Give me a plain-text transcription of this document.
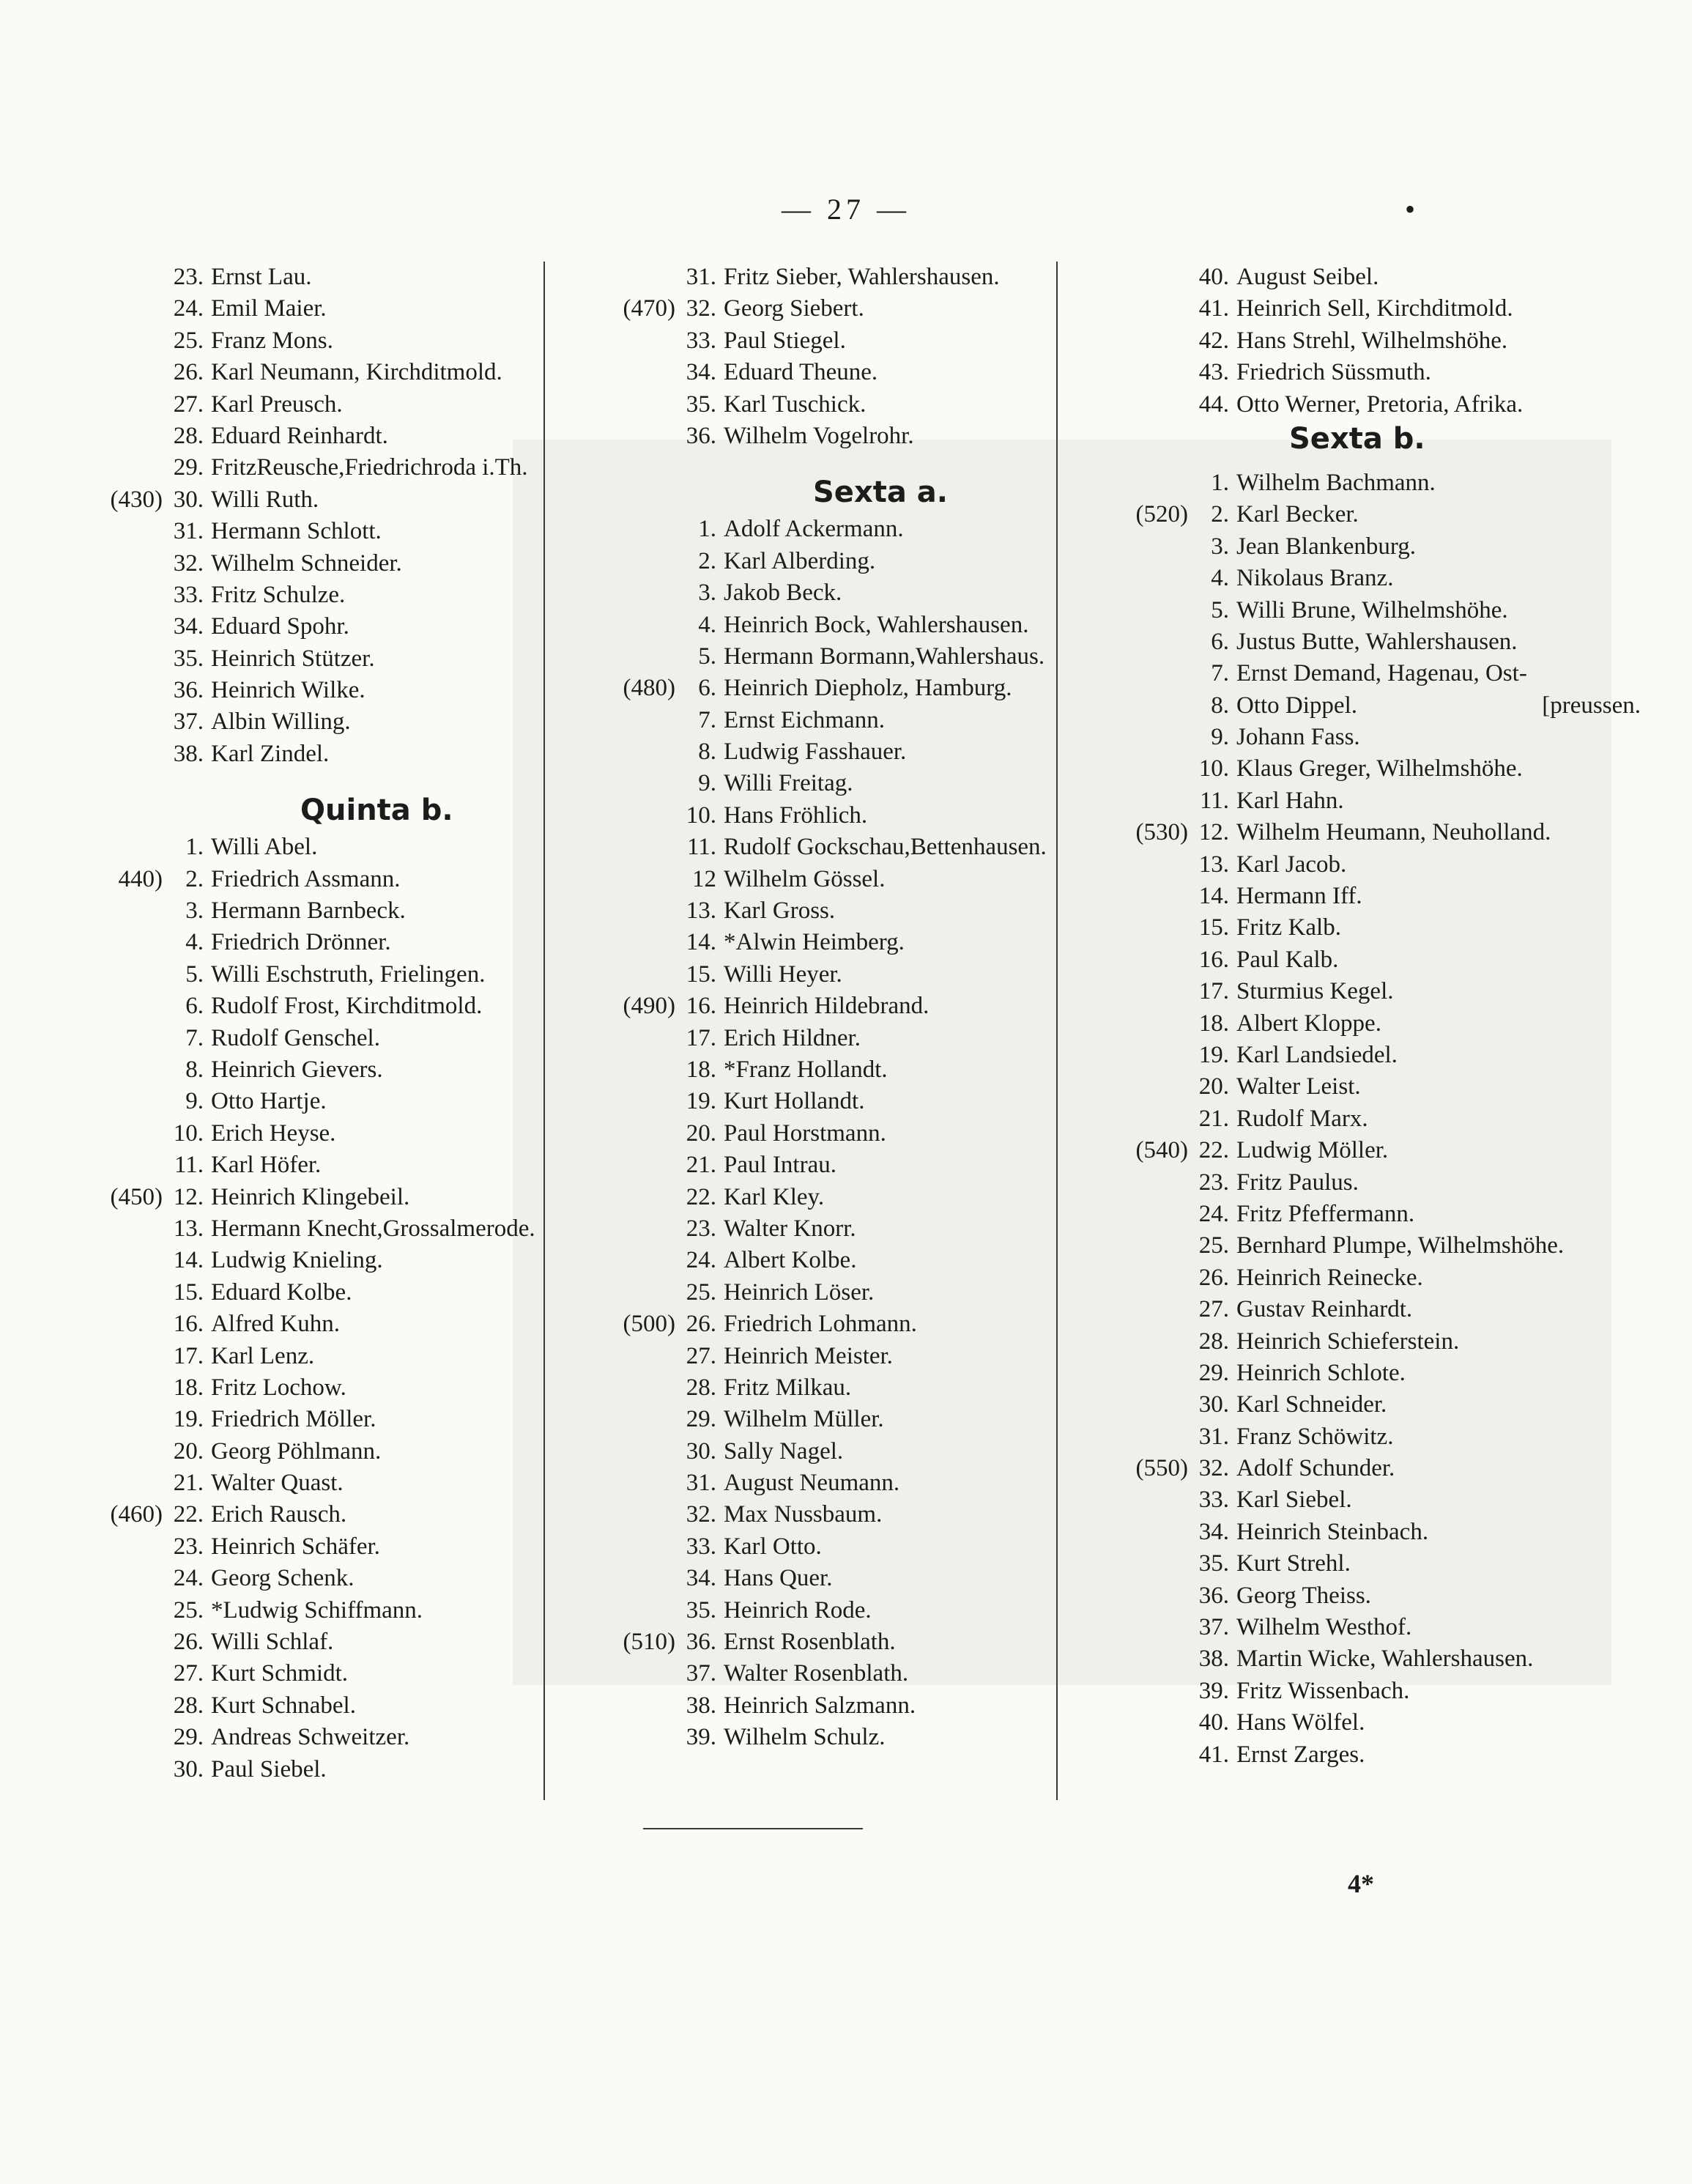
— 27 —	•
23. Ernst Lau.
24. Emil Maier.
25. Franz Mons.
26. Karl Neumann, Kirchditmold.
27. Karl Preusch.
28. Eduard Reinhardt.
29. FritzReusche,Friedrichroda i.Th.
(430) 30. Willi Ruth.
31. Hermann Schlott.
32. Wilhelm Schneider.
33. Fritz Schulze.
34. Eduard Spohr.
35. Heinrich Stützer.
36. Heinrich Wilke.
37. Albin Willing.
38. Karl Zindel.
Quinta b.
1. Willi Abel.
440) 2. Friedrich Assmann.
3. Hermann Barnbeck.
4. Friedrich Drönner.
5. Willi Eschstruth, Frielingen.
6. Rudolf Frost, Kirchditmold.
7. Rudolf Genschel.
8. Heinrich Gievers.
9. Otto Hartje.
10. Erich Heyse.
11. Karl Höfer.
(450) 12. Heinrich Klingebeil.
13. Hermann Knecht,Grossalmerode.
14. Ludwig Knieling.
15. Eduard Kolbe.
16. Alfred Kuhn.
17. Karl Lenz.
18. Fritz Lochow.
19. Friedrich Möller.
20. Georg Pöhlmann.
21. Walter Quast.
(460) 22. Erich Rausch.
23. Heinrich Schäfer.
24. Georg Schenk.
25. *Ludwig Schiffmann.
26. Willi Schlaf.
27. Kurt Schmidt.
28. Kurt Schnabel.
29. Andreas Schweitzer.
30. Paul Siebel.
31. Fritz Sieber, Wahlershausen.
(470) 32. Georg Siebert.
33. Paul Stiegel.
34. Eduard Theune.
35. Karl Tuschick.
36. Wilhelm Vogelrohr.
Sexta a.
1. Adolf Ackermann.
2. Karl Alberding.
3. Jakob Beck.
4. Heinrich Bock, Wahlershausen.
5. Hermann Bormann,Wahlershaus.
(480) 6. Heinrich Diepholz, Hamburg.
7. Ernst Eichmann.
8. Ludwig Fasshauer.
9. Willi Freitag.
10. Hans Fröhlich.
11. Rudolf Gockschau,Bettenhausen.
12 Wilhelm Gössel.
13. Karl Gross.
14. *Alwin Heimberg.
15. Willi Heyer.
(490) 16. Heinrich Hildebrand.
17. Erich Hildner.
18. *Franz Hollandt.
19. Kurt Hollandt.
20. Paul Horstmann.
21. Paul Intrau.
22. Karl Kley.
23. Walter Knorr.
24. Albert Kolbe.
25. Heinrich Löser.
(500) 26. Friedrich Lohmann.
27. Heinrich Meister.
28. Fritz Milkau.
29. Wilhelm Müller.
30. Sally Nagel.
31. August Neumann.
32. Max Nussbaum.
33. Karl Otto.
34. Hans Quer.
35. Heinrich Rode.
(510) 36. Ernst Rosenblath.
37. Walter Rosenblath.
38. Heinrich Salzmann.
39. Wilhelm Schulz.
40. August Seibel.
41. Heinrich Sell, Kirchditmold.
42. Hans Strehl, Wilhelmshöhe.
43. Friedrich Süssmuth.
44. Otto Werner, Pretoria, Afrika.
Sexta b.
1. Wilhelm Bachmann.
(520) 2. Karl Becker.
3. Jean Blankenburg.
4. Nikolaus Branz.
5. Willi Brune, Wilhelmshöhe.
6. Justus Butte, Wahlershausen.
7. Ernst Demand, Hagenau, Ost-
8. Otto Dippel.	[preussen.
9. Johann Fass.
10. Klaus Greger, Wilhelmshöhe.
11. Karl Hahn.
(530) 12. Wilhelm Heumann, Neuholland.
13. Karl Jacob.
14. Hermann Iff.
15. Fritz Kalb.
16. Paul Kalb.
17. Sturmius Kegel.
18. Albert Kloppe.
19. Karl Landsiedel.
20. Walter Leist.
21. Rudolf Marx.
(540) 22. Ludwig Möller.
23. Fritz Paulus.
24. Fritz Pfeffermann.
25. Bernhard Plumpe, Wilhelmshöhe.
26. Heinrich Reinecke.
27. Gustav Reinhardt.
28. Heinrich Schieferstein.
29. Heinrich Schlote.
30. Karl Schneider.
31. Franz Schöwitz.
(550) 32. Adolf Schunder.
33. Karl Siebel.
34. Heinrich Steinbach.
35. Kurt Strehl.
36. Georg Theiss.
37. Wilhelm Westhof.
38. Martin Wicke, Wahlershausen.
39. Fritz Wissenbach.
40. Hans Wölfel.
41. Ernst Zarges.
4*
